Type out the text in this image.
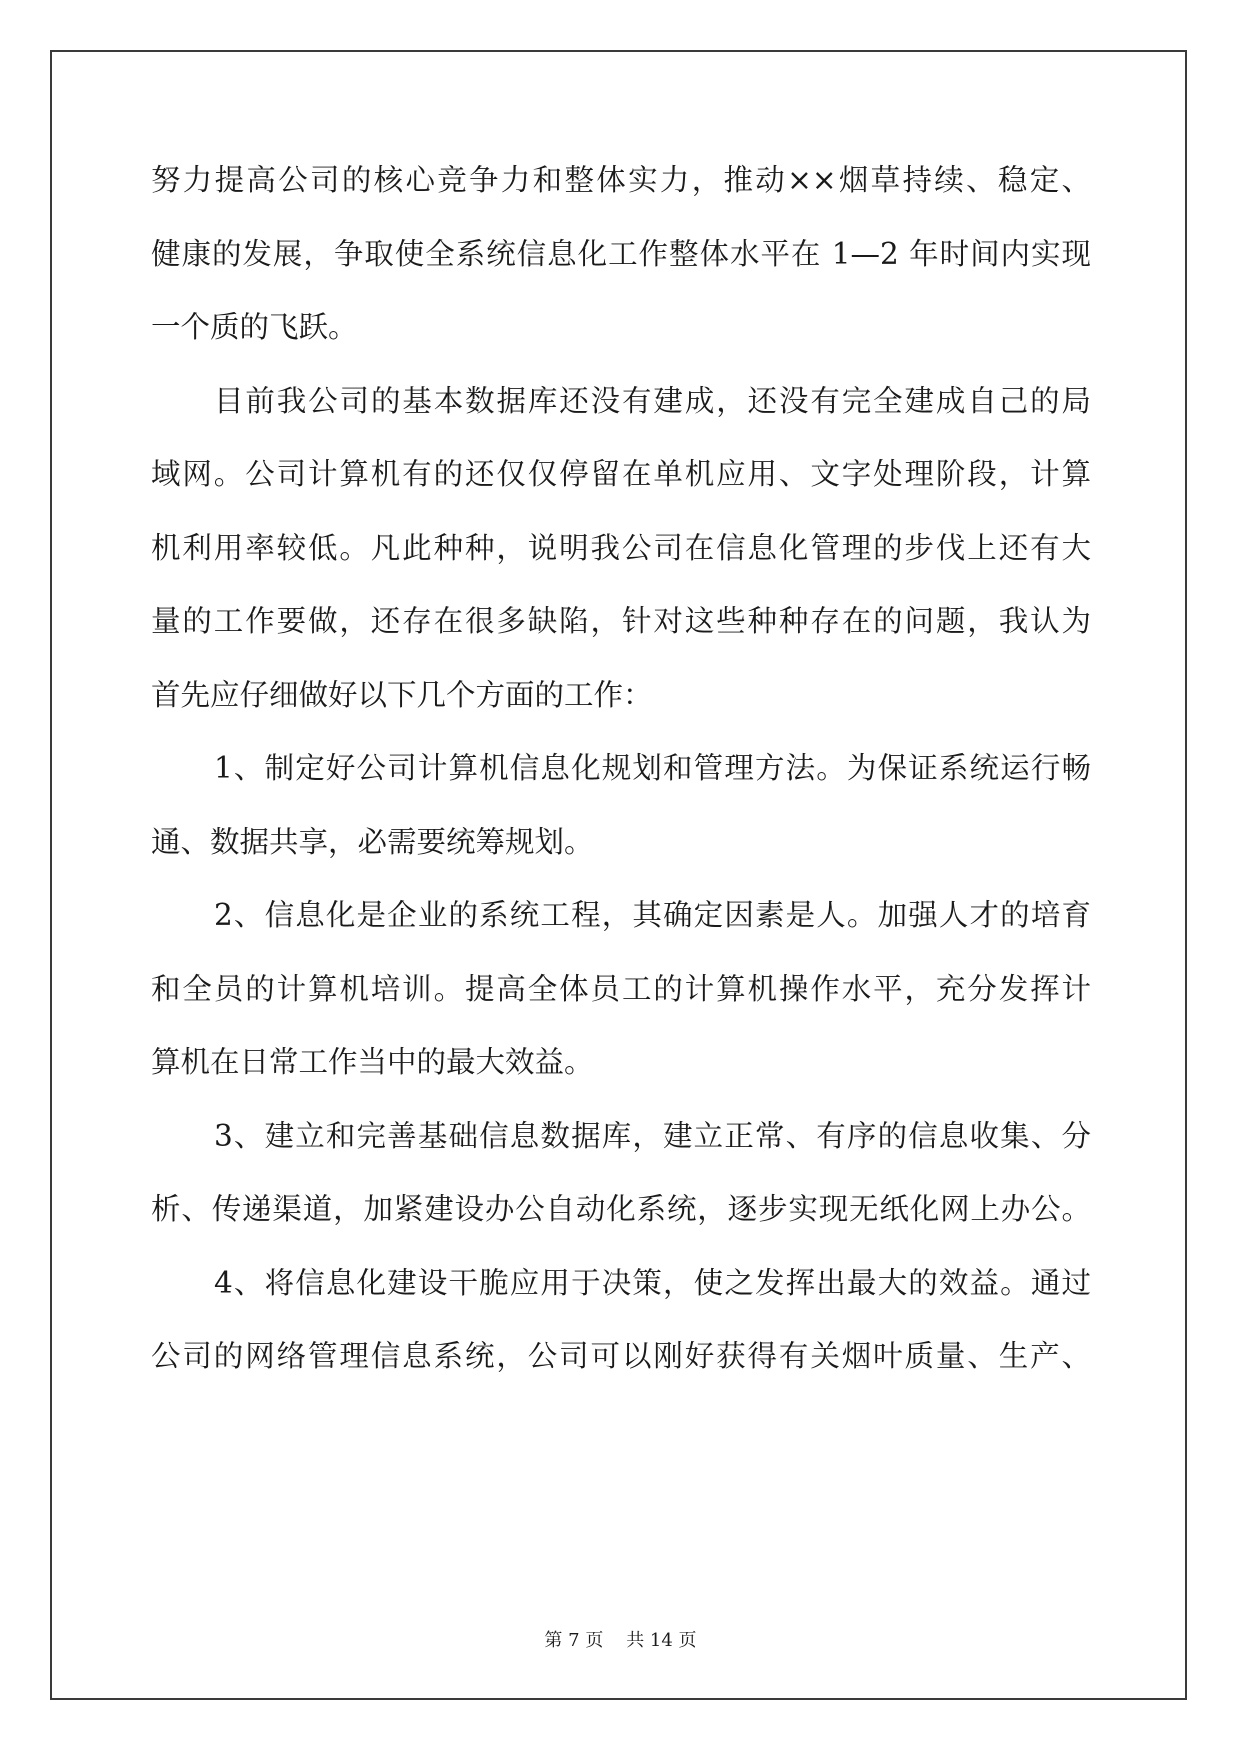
努力提高公司的核心竞争力和整体实力，推动××烟草持续、稳定、
健康的发展，争取使全系统信息化工作整体水平在 1—2 年时间内实现
一个质的飞跃。
目前我公司的基本数据库还没有建成，还没有完全建成自己的局
域网。公司计算机有的还仅仅停留在单机应用、文字处理阶段，计算
机利用率较低。凡此种种，说明我公司在信息化管理的步伐上还有大
量的工作要做，还存在很多缺陷，针对这些种种存在的问题，我认为
首先应仔细做好以下几个方面的工作：
1、制定好公司计算机信息化规划和管理方法。为保证系统运行畅
通、数据共享，必需要统筹规划。
2、信息化是企业的系统工程，其确定因素是人。加强人才的培育
和全员的计算机培训。提高全体员工的计算机操作水平，充分发挥计
算机在日常工作当中的最大效益。
3、建立和完善基础信息数据库，建立正常、有序的信息收集、分
析、传递渠道，加紧建设办公自动化系统，逐步实现无纸化网上办公。
4、将信息化建设干脆应用于决策，使之发挥出最大的效益。通过
公司的网络管理信息系统，公司可以刚好获得有关烟叶质量、生产、
第 7 页    共 14 页
